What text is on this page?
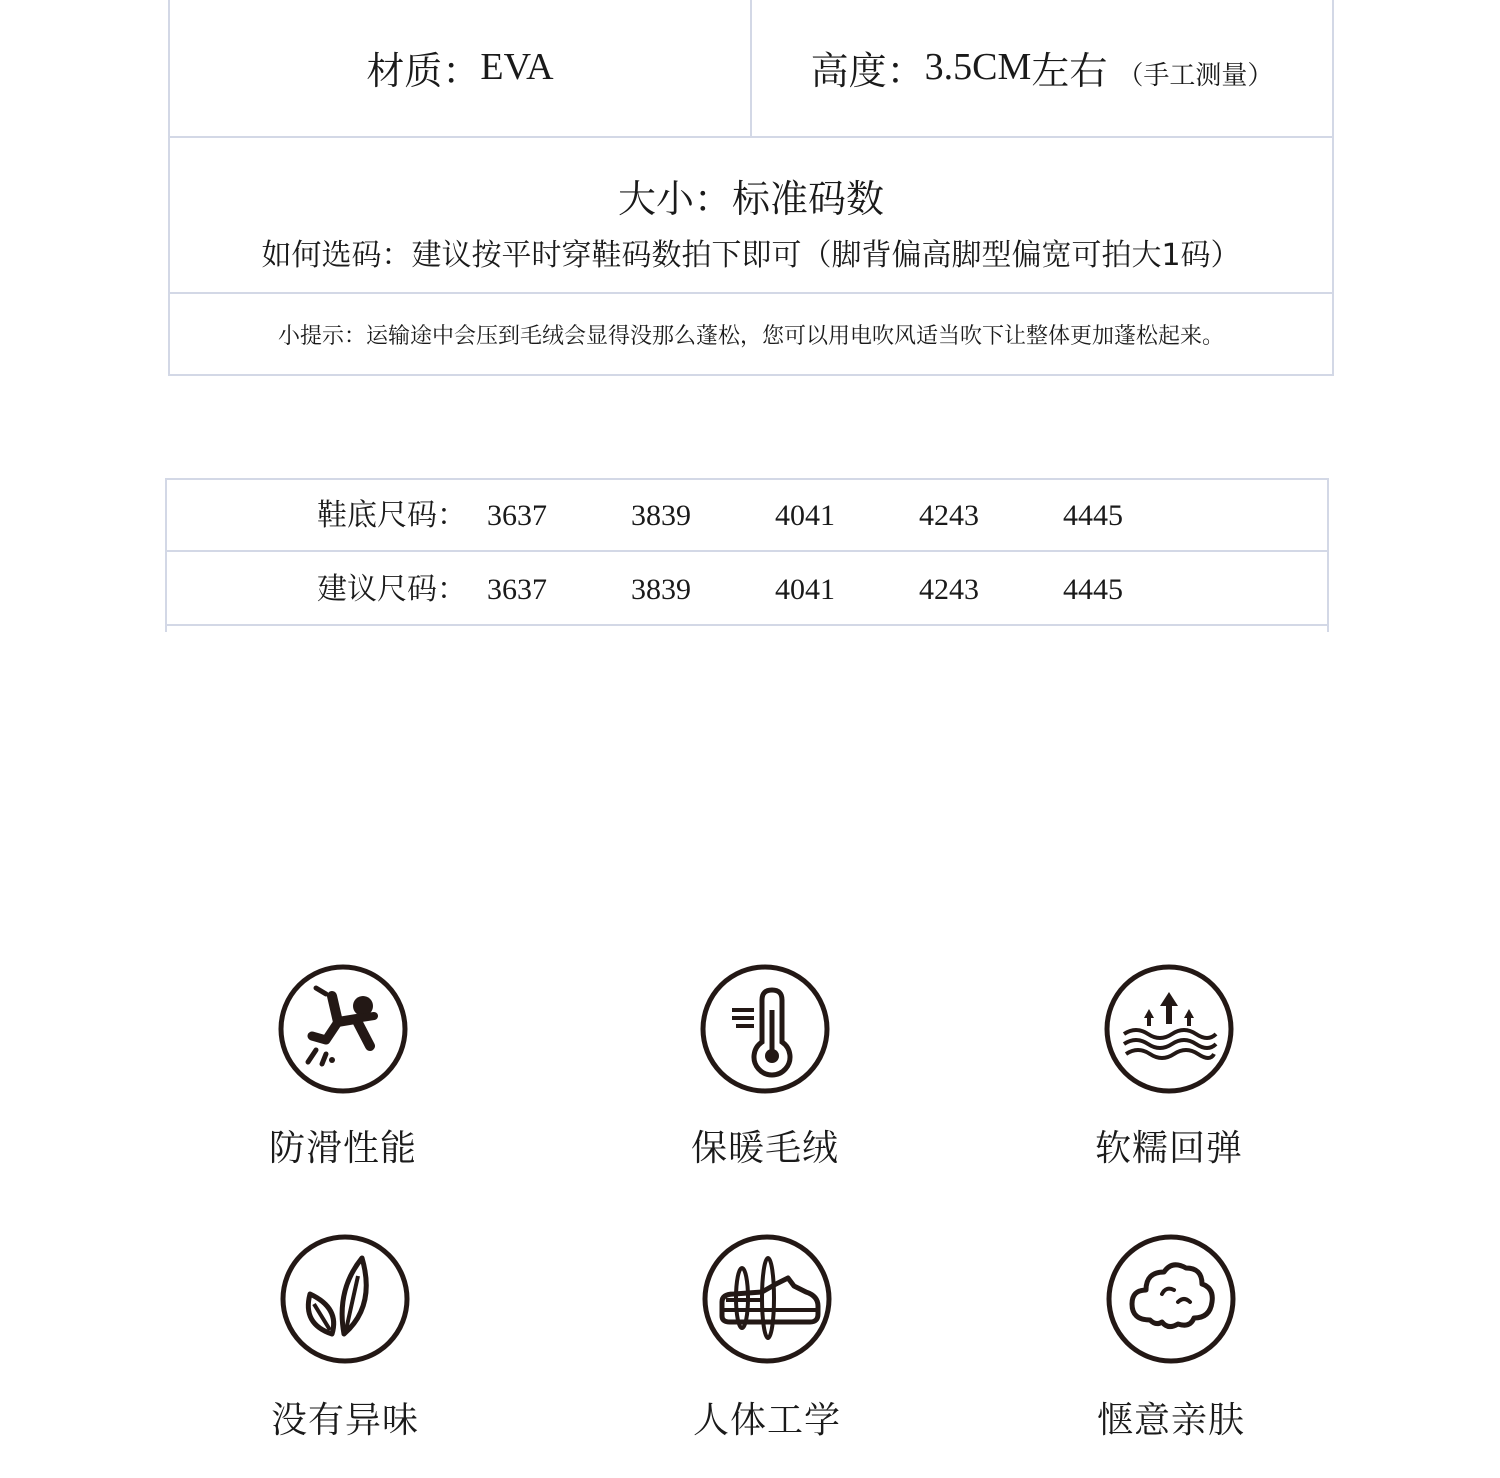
材质： EVA	高度： 3.5CM 左右 （手工测量）
大小：标准码数
如何选码：建议按平时穿鞋码数拍下即可（脚背偏高脚型偏宽可拍大1码）
小提示：运输途中会压到毛绒会显得没那么蓬松，您可以用电吹风适当吹下让整体更加蓬松起来。
鞋底尺码： 3637	3839	4041	4243	4445
建议尺码： 3637	3839	4041	4243	4445
防滑性能	保暖毛绒	软糯回弹
没有异味	人体工学	惬意亲肤
